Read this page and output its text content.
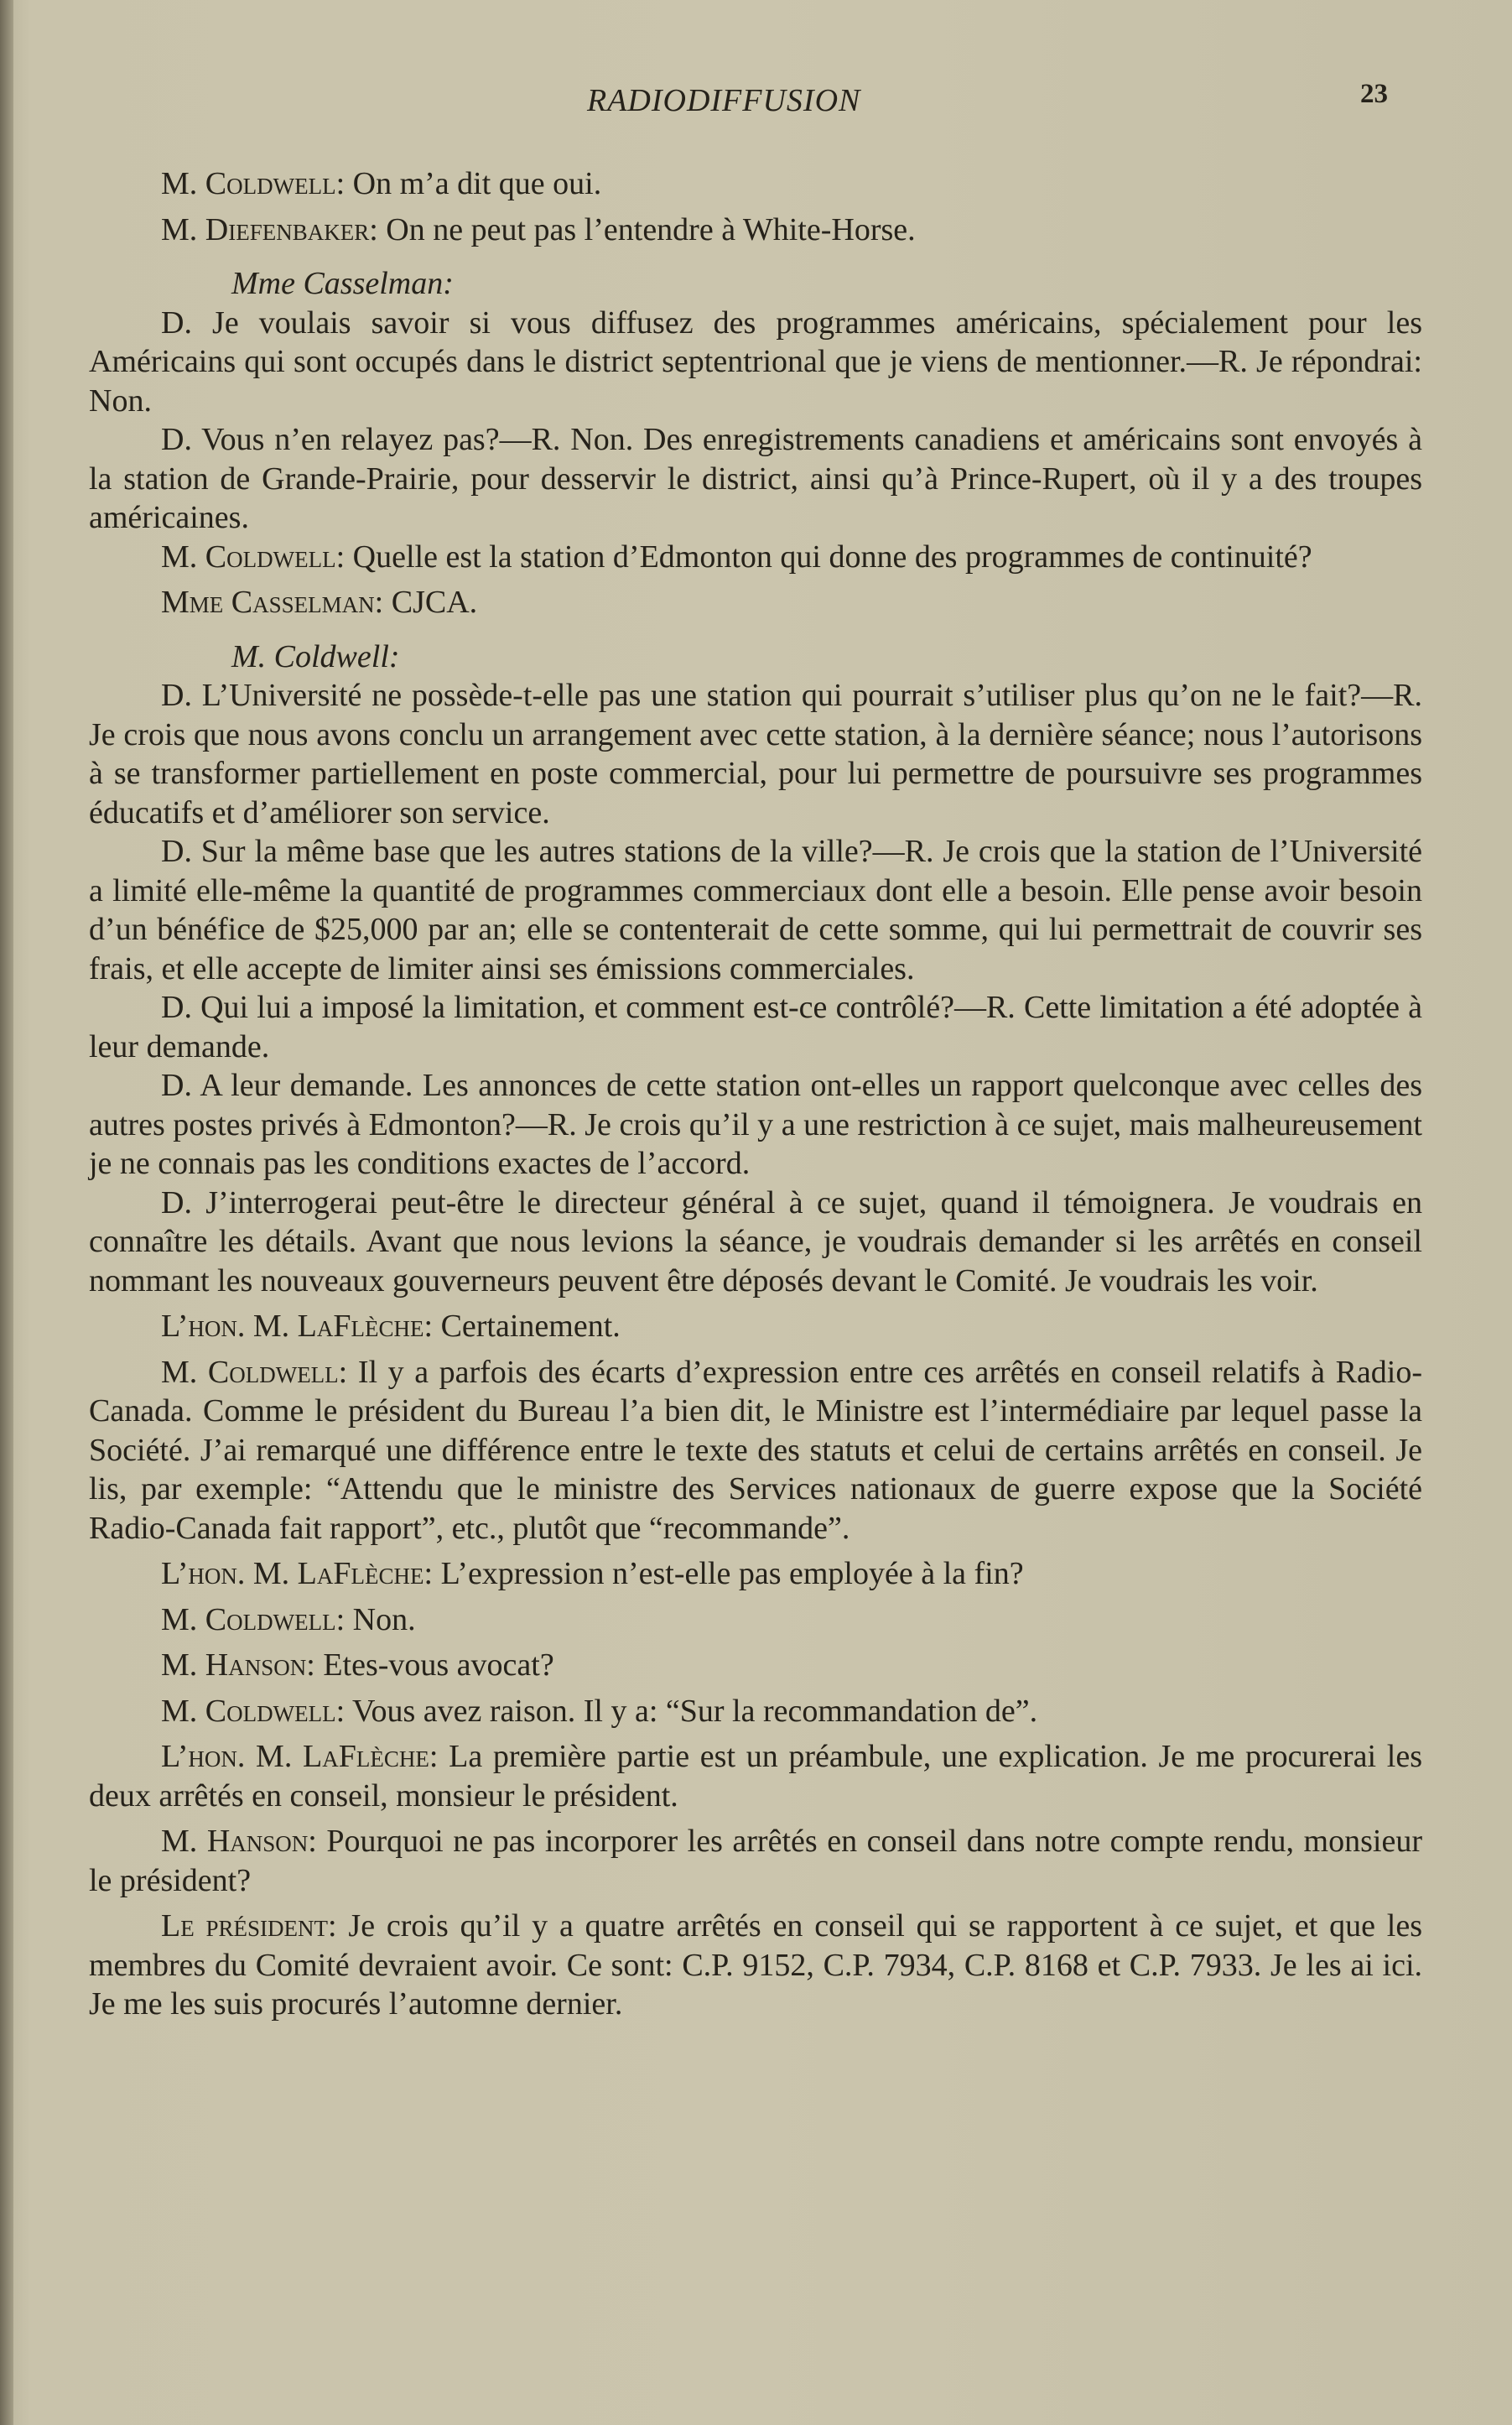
RADIODIFFUSION	23

M. Coldwell: On m’a dit que oui.

M. Diefenbaker: On ne peut pas l’entendre à White-Horse.

Mme Casselman:

D. Je voulais savoir si vous diffusez des programmes américains, spécialement pour les Américains qui sont occupés dans le district septentrional que je viens de mentionner.—R. Je répondrai: Non.

D. Vous n’en relayez pas?—R. Non. Des enregistrements canadiens et américains sont envoyés à la station de Grande-Prairie, pour desservir le district, ainsi qu’à Prince-Rupert, où il y a des troupes américaines.

M. Coldwell: Quelle est la station d’Edmonton qui donne des programmes de continuité?

Mme Casselman: CJCA.

M. Coldwell:

D. L’Université ne possède-t-elle pas une station qui pourrait s’utiliser plus qu’on ne le fait?—R. Je crois que nous avons conclu un arrangement avec cette station, à la dernière séance; nous l’autorisons à se transformer partiellement en poste commercial, pour lui permettre de poursuivre ses programmes éducatifs et d’améliorer son service.

D. Sur la même base que les autres stations de la ville?—R. Je crois que la station de l’Université a limité elle-même la quantité de programmes commerciaux dont elle a besoin. Elle pense avoir besoin d’un bénéfice de $25,000 par an; elle se contenterait de cette somme, qui lui permettrait de couvrir ses frais, et elle accepte de limiter ainsi ses émissions commerciales.

D. Qui lui a imposé la limitation, et comment est-ce contrôlé?—R. Cette limitation a été adoptée à leur demande.

D. A leur demande. Les annonces de cette station ont-elles un rapport quelconque avec celles des autres postes privés à Edmonton?—R. Je crois qu’il y a une restriction à ce sujet, mais malheureusement je ne connais pas les conditions exactes de l’accord.

D. J’interrogerai peut-être le directeur général à ce sujet, quand il témoignera. Je voudrais en connaître les détails. Avant que nous levions la séance, je voudrais demander si les arrêtés en conseil nommant les nouveaux gouverneurs peuvent être déposés devant le Comité. Je voudrais les voir.

L’hon. M. LaFlèche: Certainement.

M. Coldwell: Il y a parfois des écarts d’expression entre ces arrêtés en conseil relatifs à Radio-Canada. Comme le président du Bureau l’a bien dit, le Ministre est l’intermédiaire par lequel passe la Société. J’ai remarqué une différence entre le texte des statuts et celui de certains arrêtés en conseil. Je lis, par exemple: “Attendu que le ministre des Services nationaux de guerre expose que la Société Radio-Canada fait rapport”, etc., plutôt que “recommande”.

L’hon. M. LaFlèche: L’expression n’est-elle pas employée à la fin?

M. Coldwell: Non.

M. Hanson: Etes-vous avocat?

M. Coldwell: Vous avez raison. Il y a: “Sur la recommandation de”.

L’hon. M. LaFlèche: La première partie est un préambule, une explication. Je me procurerai les deux arrêtés en conseil, monsieur le président.

M. Hanson: Pourquoi ne pas incorporer les arrêtés en conseil dans notre compte rendu, monsieur le président?

Le président: Je crois qu’il y a quatre arrêtés en conseil qui se rapportent à ce sujet, et que les membres du Comité devraient avoir. Ce sont: C.P. 9152, C.P. 7934, C.P. 8168 et C.P. 7933. Je les ai ici. Je me les suis procurés l’automne dernier.
